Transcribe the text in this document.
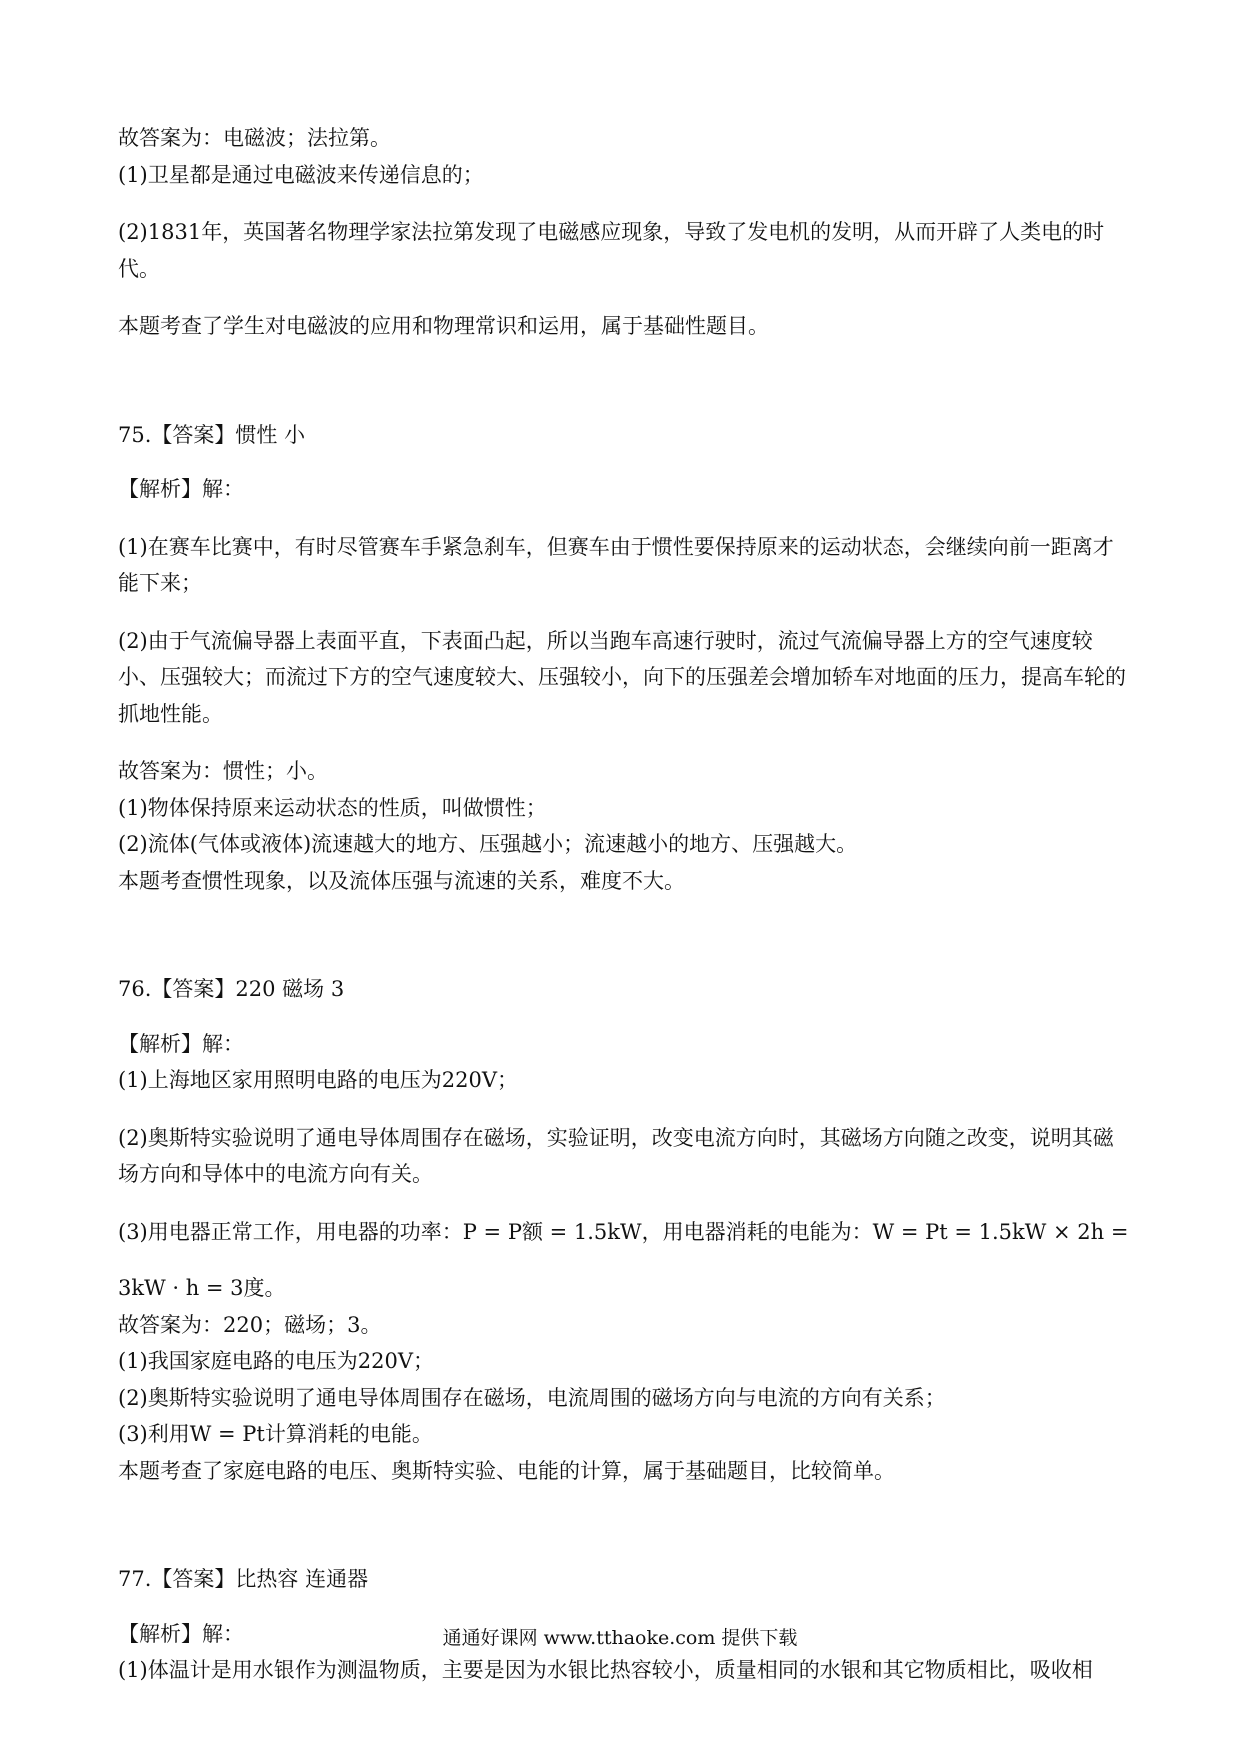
故答案为：电磁波；法拉第。

(1)卫星都是通过电磁波来传递信息的；

(2)1831年，英国著名物理学家法拉第发现了电磁感应现象，导致了发电机的发明，从而开辟了人类电的时代。

本题考查了学生对电磁波的应用和物理常识和运用，属于基础性题目。

75.【答案】惯性 小

【解析】解：

(1)在赛车比赛中，有时尽管赛车手紧急刹车，但赛车由于惯性要保持原来的运动状态，会继续向前一距离才能下来；

(2)由于气流偏导器上表面平直，下表面凸起，所以当跑车高速行驶时，流过气流偏导器上方的空气速度较小、压强较大；而流过下方的空气速度较大、压强较小，向下的压强差会增加轿车对地面的压力，提高车轮的抓地性能。

故答案为：惯性；小。

(1)物体保持原来运动状态的性质，叫做惯性；

(2)流体(气体或液体)流速越大的地方、压强越小；流速越小的地方、压强越大。

本题考查惯性现象，以及流体压强与流速的关系，难度不大。

76.【答案】220 磁场 3

【解析】解：

(1)上海地区家用照明电路的电压为220V；

(2)奥斯特实验说明了通电导体周围存在磁场，实验证明，改变电流方向时，其磁场方向随之改变，说明其磁场方向和导体中的电流方向有关。

(3)用电器正常工作，用电器的功率：P = P额 = 1.5kW，用电器消耗的电能为：W = Pt = 1.5kW × 2h =

3kW · h = 3度。

故答案为：220；磁场；3。

(1)我国家庭电路的电压为220V；

(2)奥斯特实验说明了通电导体周围存在磁场，电流周围的磁场方向与电流的方向有关系；

(3)利用W = Pt计算消耗的电能。

本题考查了家庭电路的电压、奥斯特实验、电能的计算，属于基础题目，比较简单。

77.【答案】比热容 连通器

【解析】解：

(1)体温计是用水银作为测温物质，主要是因为水银比热容较小，质量相同的水银和其它物质相比，吸收相

通通好课网 www.tthaoke.com 提供下载
